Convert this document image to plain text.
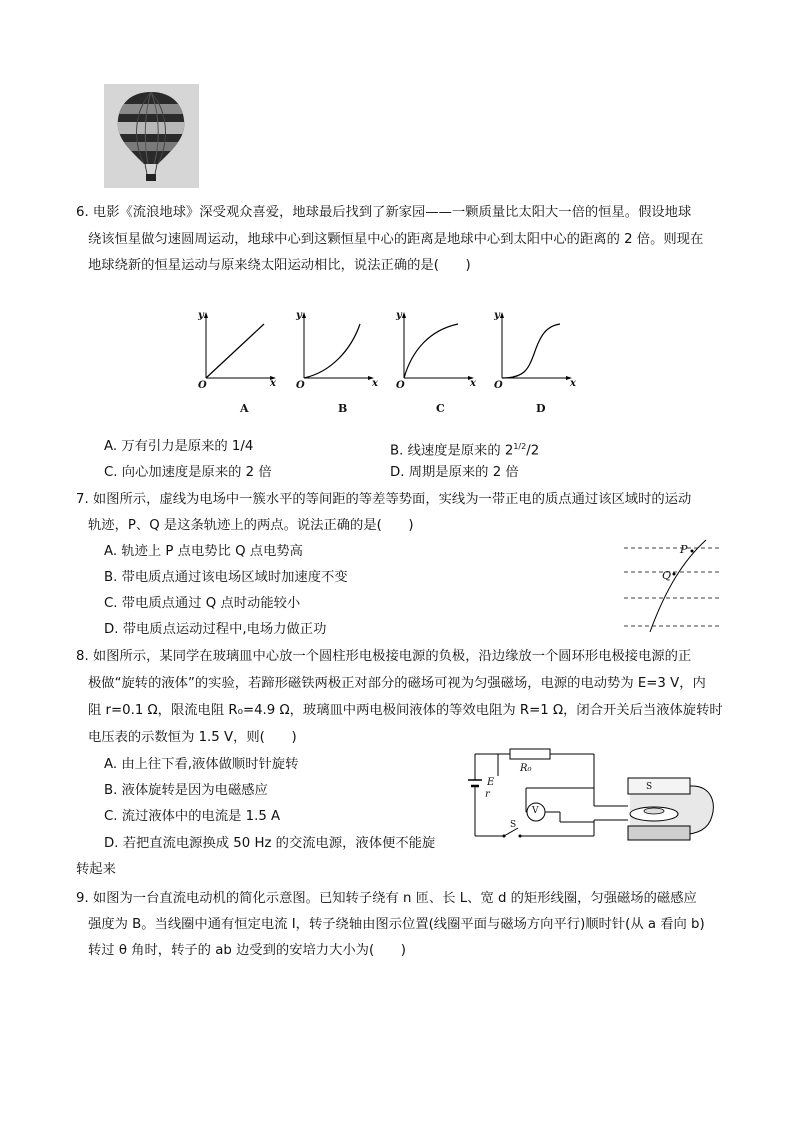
6. 电影《流浪地球》深受观众喜爱，地球最后找到了新家园——一颗质量比太阳大一倍的恒星。假设地球
绕该恒星做匀速圆周运动，地球中心到这颗恒星中心的距离是地球中心到太阳中心的距离的 2 倍。则现在
地球绕新的恒星运动与原来绕太阳运动相比，说法正确的是(　　)
y
x
O
y
x
O
y
x
O
y
x
O
A	B	C	D
A. 万有引力是原来的 1/4	B. 线速度是原来的 $2^{1/2}/2$
C. 向心加速度是原来的 2 倍	D. 周期是原来的 2 倍
7. 如图所示，虚线为电场中一簇水平的等间距的等差等势面，实线为一带正电的质点通过该区域时的运动
轨迹，P、Q 是这条轨迹上的两点。说法正确的是(　　)
A. 轨迹上 P 点电势比 Q 点电势高
B. 带电质点通过该电场区域时加速度不变
C. 带电质点通过 Q 点时动能较小
D. 带电质点运动过程中,电场力做正功
P
Q
8. 如图所示，某同学在玻璃皿中心放一个圆柱形电极接电源的负极，沿边缘放一个圆环形电极接电源的正
极做“旋转的液体”的实验，若蹄形磁铁两极正对部分的磁场可视为匀强磁场，电源的电动势为 E=3 V，内
阻 r=0.1 Ω，限流电阻 R₀=4.9 Ω，玻璃皿中两电极间液体的等效电阻为 R=1 Ω，闭合开关后当液体旋转时
电压表的示数恒为 1.5 V，则(　　)
A. 由上往下看,液体做顺时针旋转
B. 液体旋转是因为电磁感应
C. 流过液体中的电流是 1.5 A
D. 若把直流电源换成 50 Hz 的交流电源，液体便不能旋
转起来
E
r
R₀
V
S
S
9. 如图为一台直流电动机的简化示意图。已知转子绕有 n 匝、长 L、宽 d 的矩形线圈，匀强磁场的磁感应
强度为 B。当线圈中通有恒定电流 I，转子绕轴由图示位置(线圈平面与磁场方向平行)顺时针(从 a 看向 b)
转过 θ 角时，转子的 ab 边受到的安培力大小为(　　)
